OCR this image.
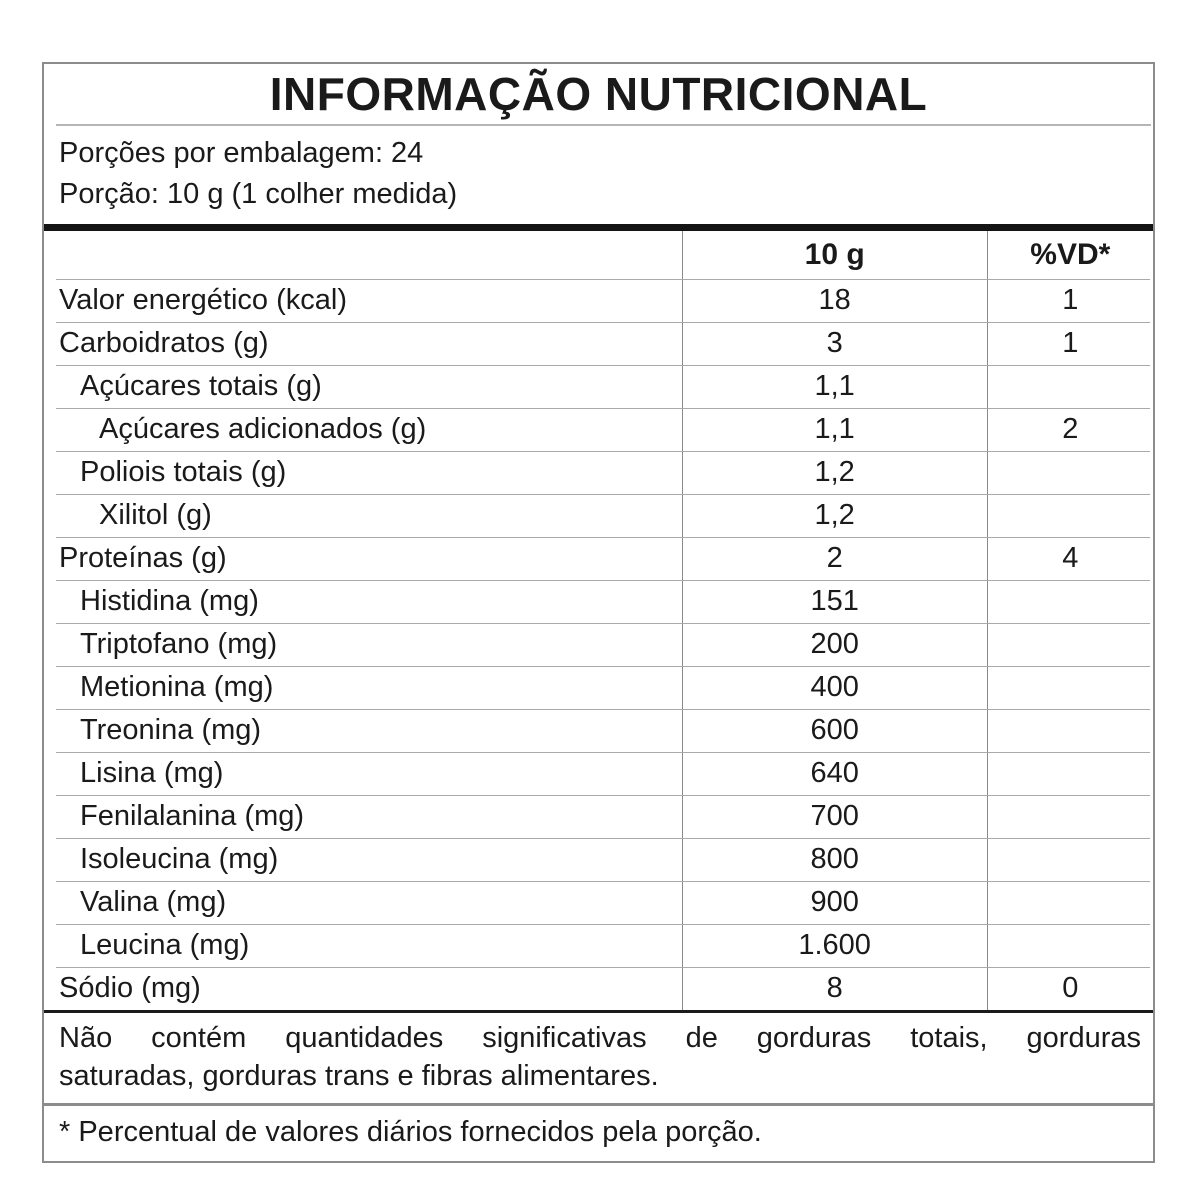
INFORMAÇÃO NUTRICIONAL
Porções por embalagem: 24
Porção: 10 g (1 colher medida)
10 g	%VD*
Valor energético (kcal)	18	1
Carboidratos (g)	3	1
Açúcares totais (g)	1,1
Açúcares adicionados (g)	1,1	2
Poliois totais (g)	1,2
Xilitol (g)	1,2
Proteínas (g)	2	4
Histidina (mg)	151
Triptofano (mg)	200
Metionina (mg)	400
Treonina (mg)	600
Lisina (mg)	640
Fenilalanina (mg)	700
Isoleucina (mg)	800
Valina (mg)	900
Leucina (mg)	1.600
Sódio (mg)	8	0
Não contém quantidades significativas de gorduras totais, gorduras
saturadas, gorduras trans e fibras alimentares.
* Percentual de valores diários fornecidos pela porção.
